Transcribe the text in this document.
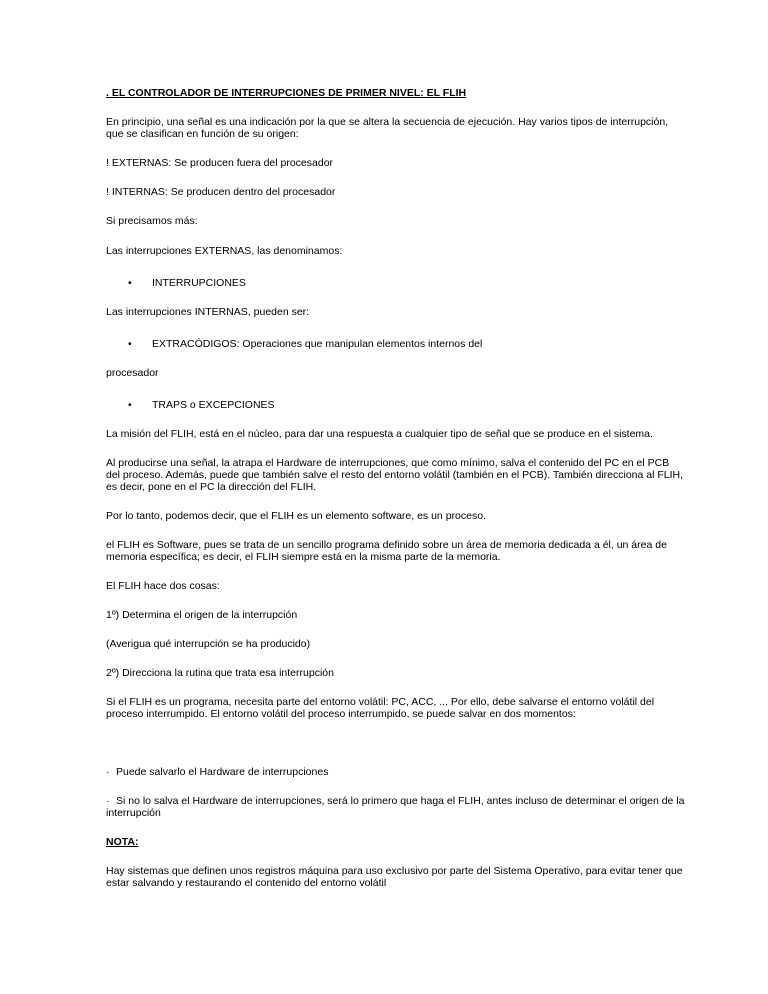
. EL CONTROLADOR DE INTERRUPCIONES DE PRIMER NIVEL: EL FLIH

En principio, una señal es una indicación por la que se altera la secuencia de ejecución. Hay varios tipos de interrupción,

que se clasifican en función de su origen:

! EXTERNAS: Se producen fuera del procesador

! INTERNAS: Se producen dentro del procesador

Si precisamos más:

Las interrupciones EXTERNAS, las denominamos:

• INTERRUPCIONES

Las interrupciones INTERNAS, pueden ser:

• EXTRACÓDIGOS: Operaciones que manipulan elementos internos del

procesador

• TRAPS o EXCEPCIONES

La misión del FLIH, está en el núcleo, para dar una respuesta a cualquier tipo de señal que se produce en el sistema.

Al producirse una señal, la atrapa el Hardware de interrupciones, que como mínimo, salva el contenido del PC en el PCB

del proceso. Además, puede que también salve el resto del entorno volátil (también en el PCB). También direcciona al FLIH,

es decir, pone en el PC la dirección del FLIH.

Por lo tanto, podemos decir, que el FLIH es un elemento software, es un proceso.

el FLIH es Software, pues se trata de un sencillo programa definido sobre un área de memoria dedicada a él, un área de

memoria específica; es decir, el FLIH siempre está en la misma parte de la memoria.

El FLIH hace dos cosas:

1º) Determina el origen de la interrupción

(Averigua qué interrupción se ha producido)

2º) Direcciona la rutina que trata esa interrupción

Si el FLIH es un programa, necesita parte del entorno volátil: PC, ACC, ... Por ello, debe salvarse el entorno volátil del

proceso interrumpido. El entorno volátil del proceso interrumpido, se puede salvar en dos momentos:

· Puede salvarlo el Hardware de interrupciones

· Si no lo salva el Hardware de interrupciones, será lo primero que haga el FLIH, antes incluso de determinar el origen de la

interrupción

NOTA:

Hay sistemas que definen unos registros máquina para uso exclusivo por parte del Sistema Operativo, para evitar tener que

estar salvando y restaurando el contenido del entorno volátil
